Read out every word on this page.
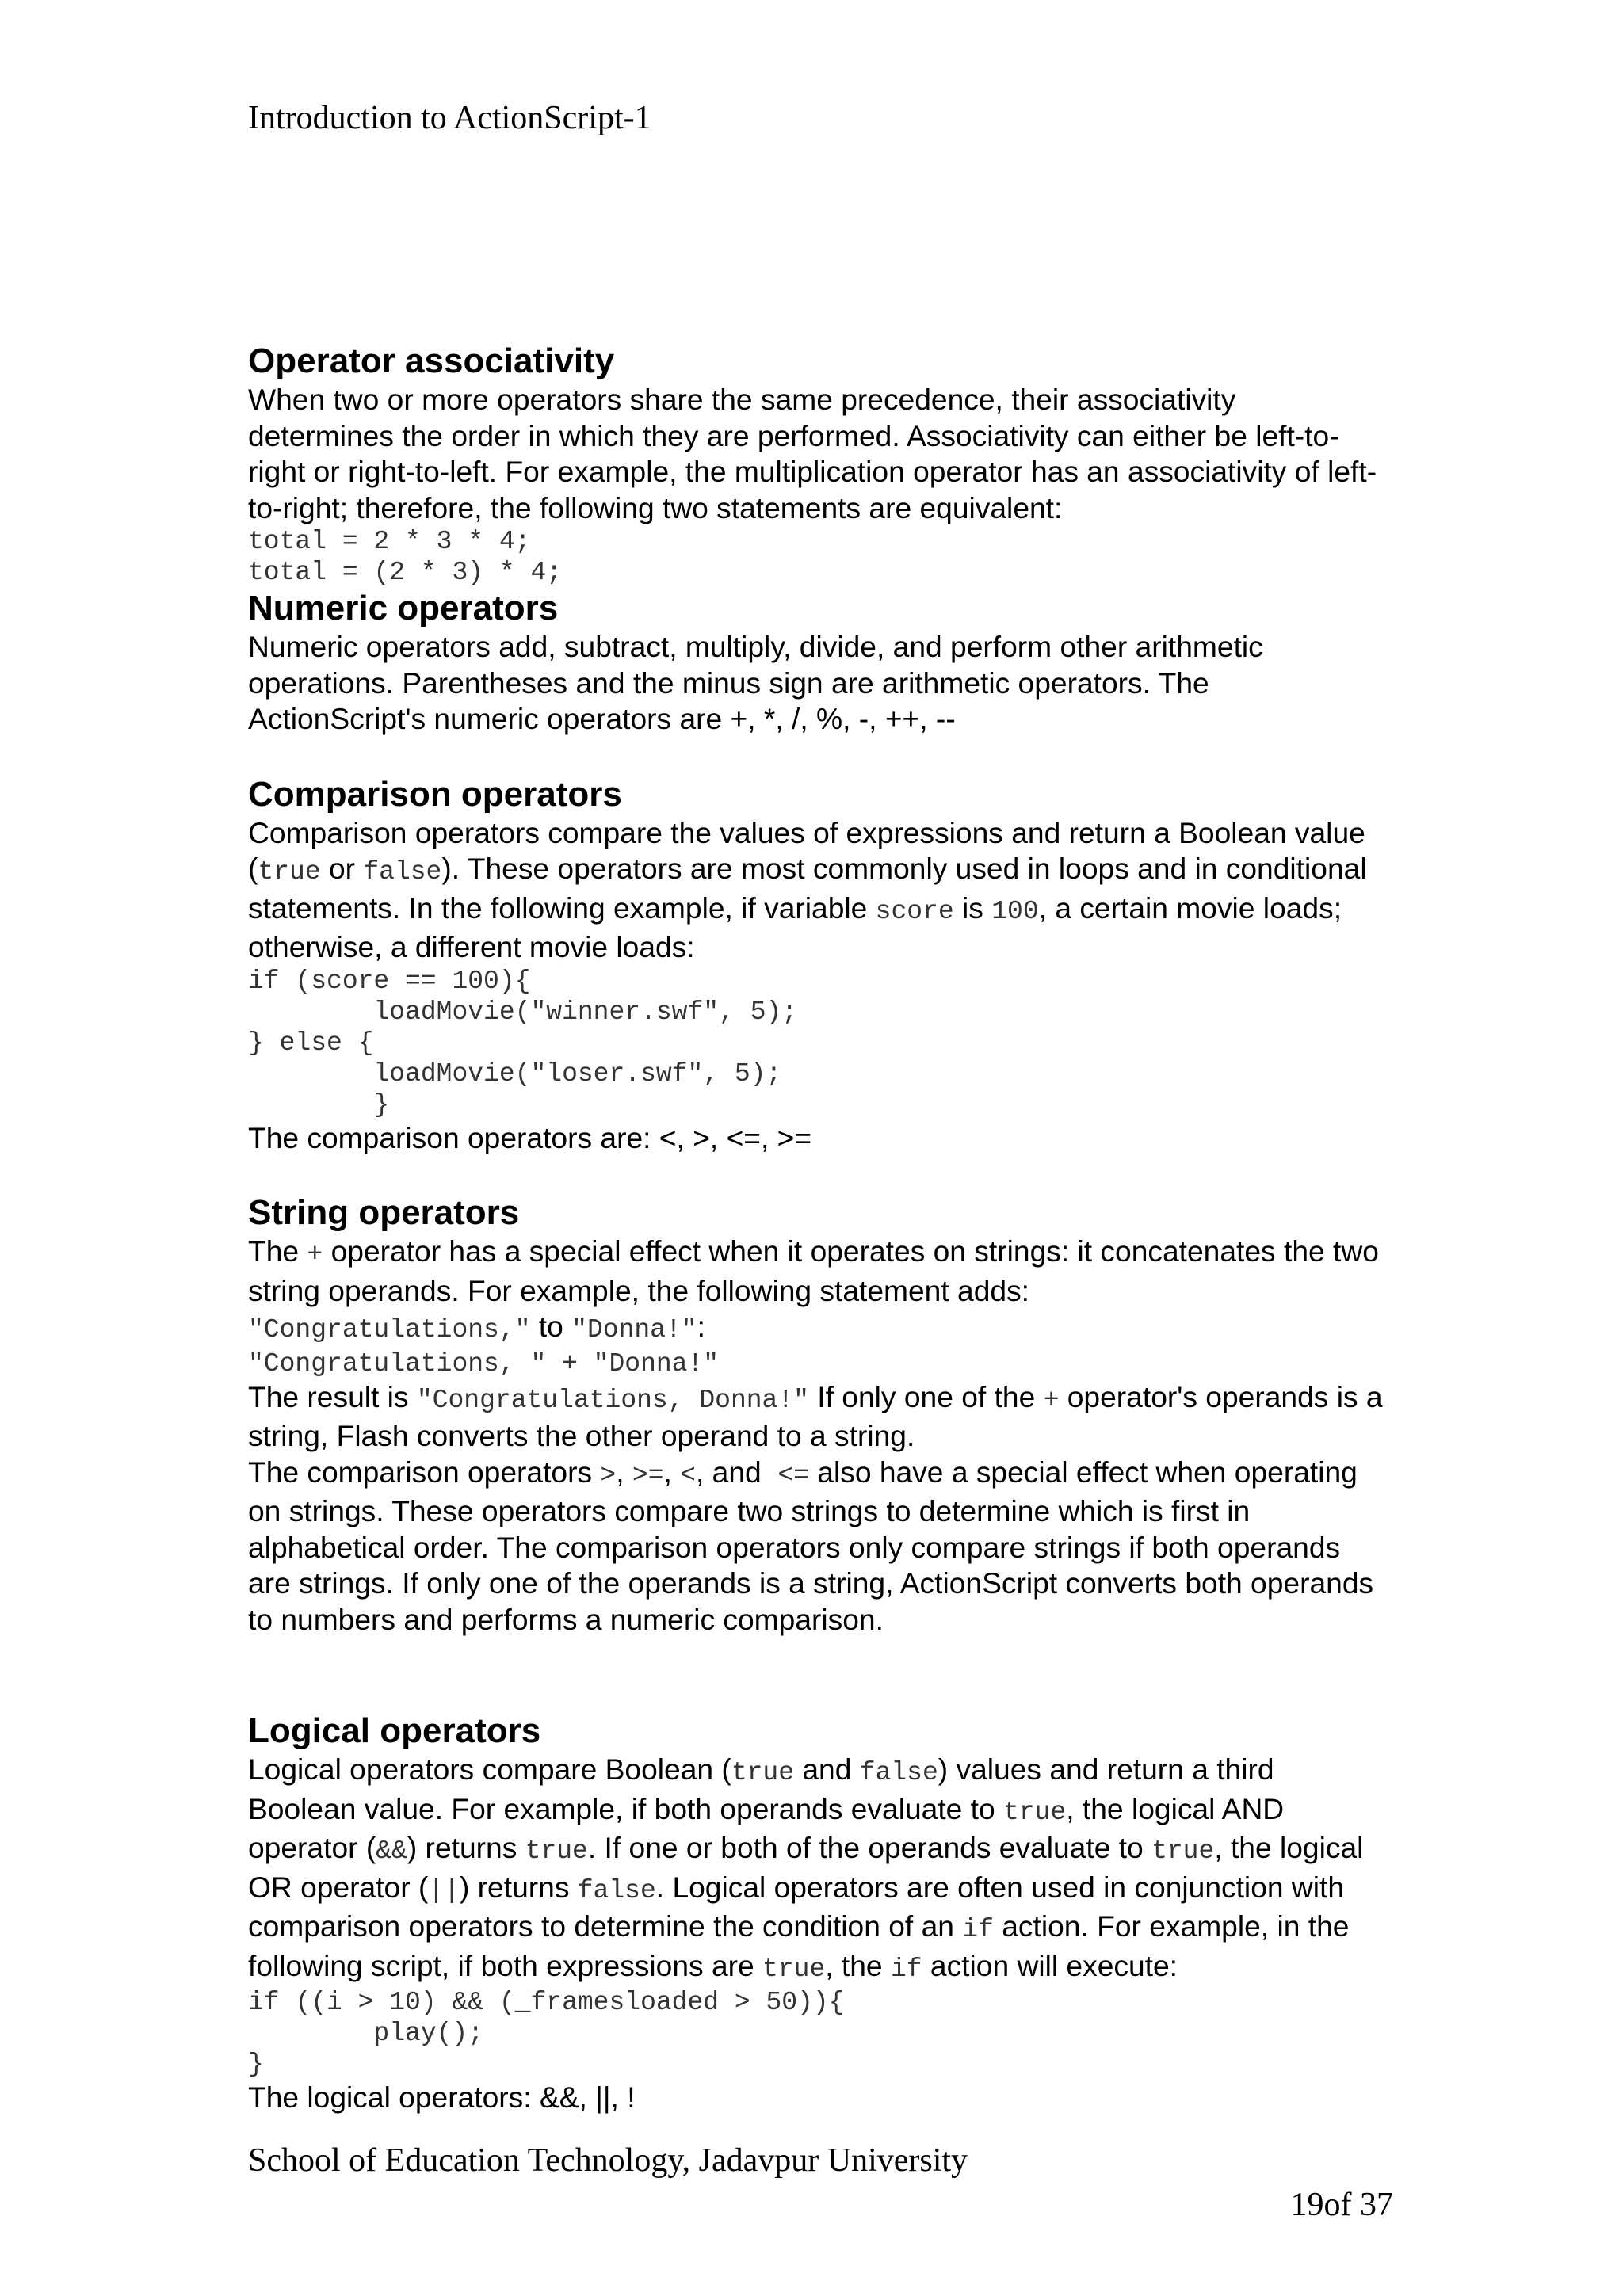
Introduction to ActionScript-1
Operator associativity

When two or more operators share the same precedence, their associativity determines the order in which they are performed. Associativity can either be left-to-right or right-to-left. For example, the multiplication operator has an associativity of left-to-right; therefore, the following two statements are equivalent:

total = 2 * 3 * 4;
total = (2 * 3) * 4;
Numeric operators

Numeric operators add, subtract, multiply, divide, and perform other arithmetic operations. Parentheses and the minus sign are arithmetic operators. The ActionScript's numeric operators are +, *, /, %, -, ++, --

Comparison operators

Comparison operators compare the values of expressions and return a Boolean value (true or false). These operators are most commonly used in loops and in conditional statements. In the following example, if variable score is 100, a certain movie loads; otherwise, a different movie loads:

if (score == 100){
loadMovie("winner.swf", 5);
} else {
loadMovie("loser.swf", 5);
}

The comparison operators are: <, >, <=, >=

String operators

The + operator has a special effect when it operates on strings: it concatenates the two string operands. For example, the following statement adds:

"Congratulations," to "Donna!":

"Congratulations, " + "Donna!"

The result is "Congratulations, Donna!" If only one of the + operator's operands is a string, Flash converts the other operand to a string.

The comparison operators >, >=, <, and  <= also have a special effect when operating on strings. These operators compare two strings to determine which is first in alphabetical order. The comparison operators only compare strings if both operands are strings. If only one of the operands is a string, ActionScript converts both operands to numbers and performs a numeric comparison.

Logical operators

Logical operators compare Boolean (true and false) values and return a third Boolean value. For example, if both operands evaluate to true, the logical AND operator (&&) returns true. If one or both of the operands evaluate to true, the logical OR operator (||) returns false. Logical operators are often used in conjunction with comparison operators to determine the condition of an if action. For example, in the following script, if both expressions are true, the if action will execute:

if ((i > 10) && (_framesloaded > 50)){
play();
}

The logical operators: &&, ||, !

School of Education Technology, Jadavpur University
19of 37
